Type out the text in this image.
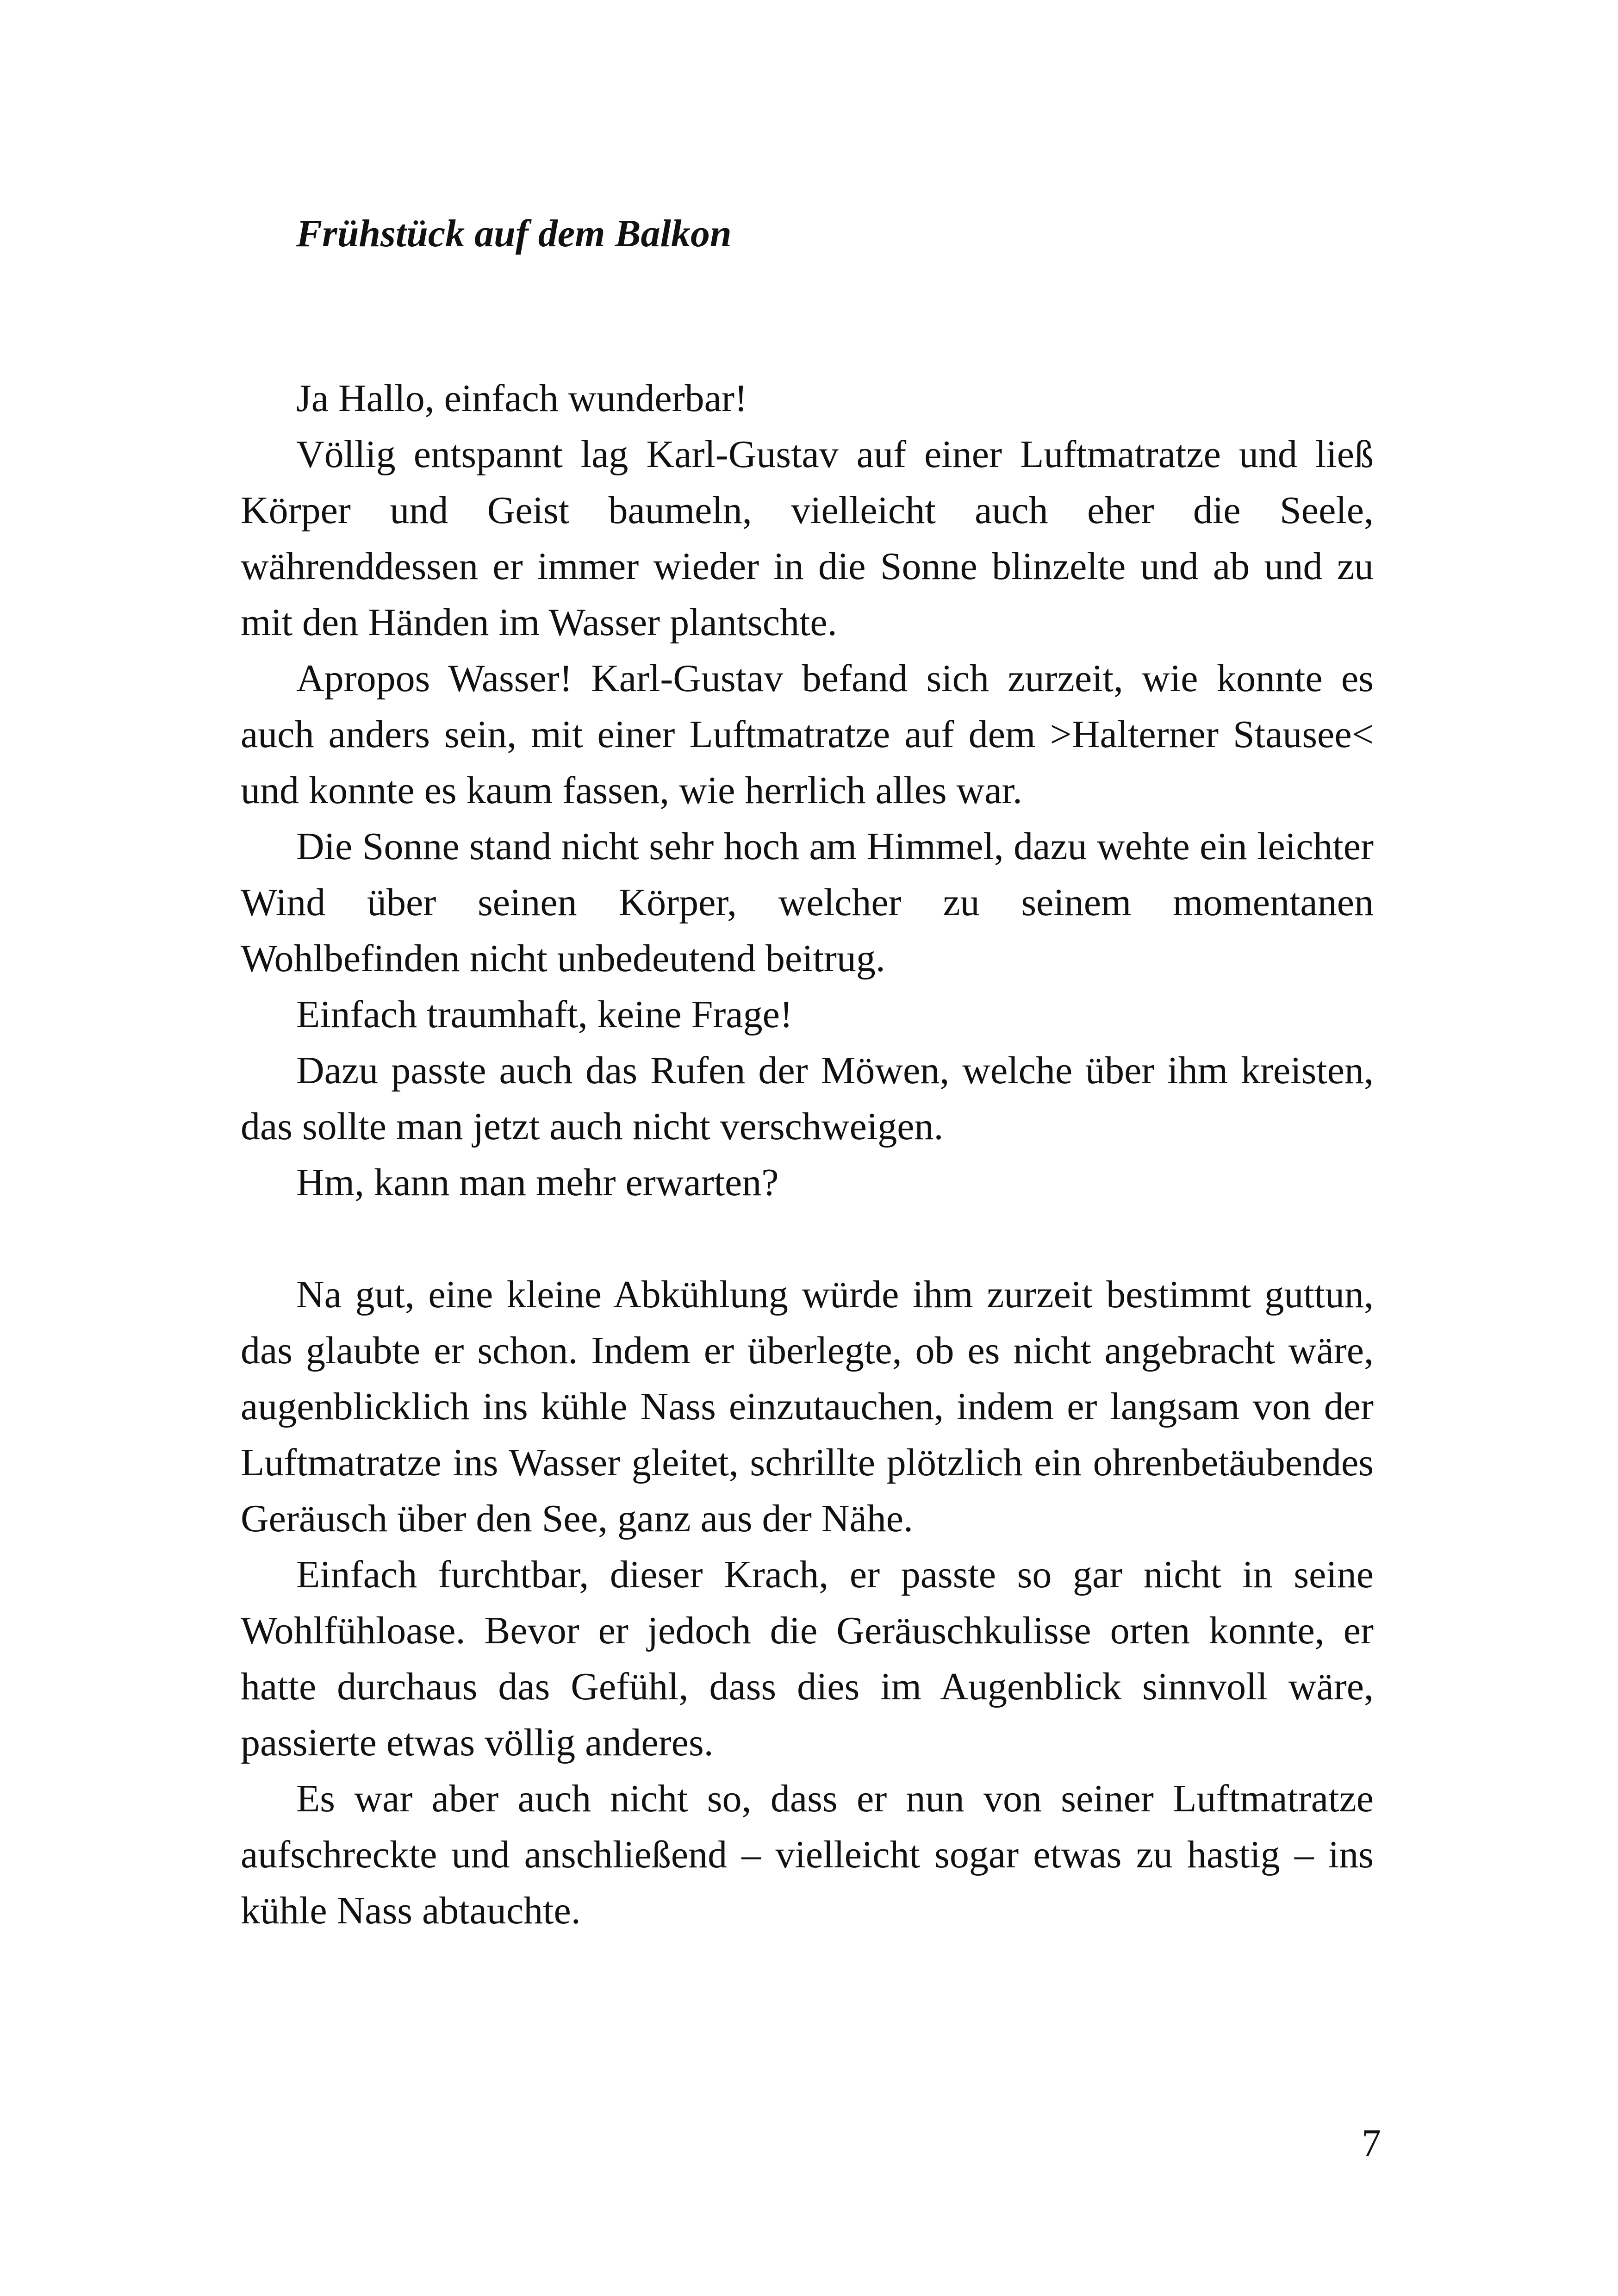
Frühstück auf dem Balkon

Ja Hallo, einfach wunderbar!

Völlig entspannt lag Karl-Gustav auf einer Luftmatratze und ließ Körper und Geist baumeln, vielleicht auch eher die Seele, währenddessen er immer wieder in die Sonne blinzelte und ab und zu mit den Händen im Wasser plantschte.

Apropos Wasser! Karl-Gustav befand sich zurzeit, wie konnte es auch anders sein, mit einer Luftmatratze auf dem >Halterner Stausee< und konnte es kaum fassen, wie herrlich alles war.

Die Sonne stand nicht sehr hoch am Himmel, dazu wehte ein leichter Wind über seinen Körper, welcher zu seinem momentanen Wohlbefinden nicht unbedeutend beitrug.

Einfach traumhaft, keine Frage!

Dazu passte auch das Rufen der Möwen, welche über ihm kreisten, das sollte man jetzt auch nicht verschweigen.

Hm, kann man mehr erwarten?

Na gut, eine kleine Abkühlung würde ihm zurzeit bestimmt guttun, das glaubte er schon. Indem er überlegte, ob es nicht angebracht wäre, augenblicklich ins kühle Nass einzutauchen, indem er langsam von der Luftmatratze ins Wasser gleitet, schrillte plötzlich ein ohrenbetäubendes Geräusch über den See, ganz aus der Nähe.

Einfach furchtbar, dieser Krach, er passte so gar nicht in seine Wohlfühloase. Bevor er jedoch die Geräuschkulisse orten konnte, er hatte durchaus das Gefühl, dass dies im Augenblick sinnvoll wäre, passierte etwas völlig anderes.

Es war aber auch nicht so, dass er nun von seiner Luftmatratze aufschreckte und anschließend – vielleicht sogar etwas zu hastig – ins kühle Nass abtauchte.

7
